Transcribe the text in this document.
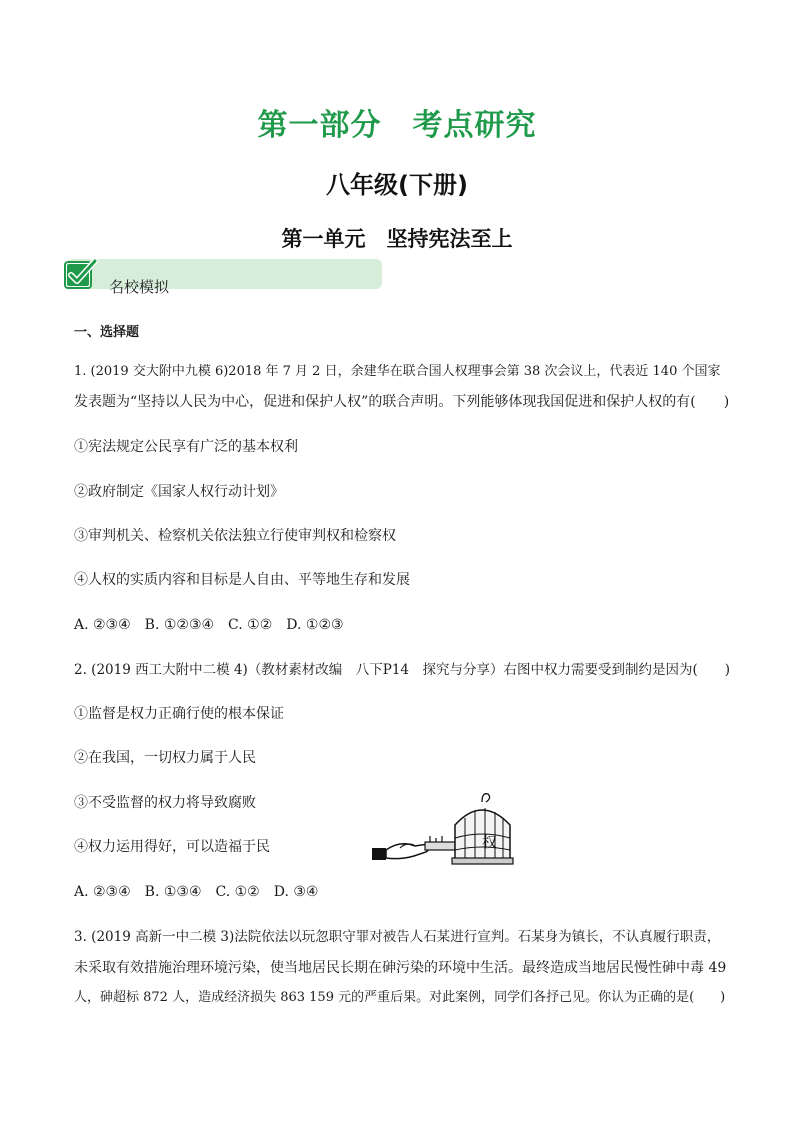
第一部分　考点研究
八年级(下册)
第一单元　坚持宪法至上
名校模拟
一、选择题
1. (2019 交大附中九模 6)2018 年 7 月 2 日，余建华在联合国人权理事会第 38 次会议上，代表近 140 个国家
发表题为“坚持以人民为中心，促进和保护人权”的联合声明。下列能够体现我国促进和保护人权的有(　　)
①宪法规定公民享有广泛的基本权利
②政府制定《国家人权行动计划》
③审判机关、检察机关依法独立行使审判权和检察权
④人权的实质内容和目标是人自由、平等地生存和发展
A. ②③④　B. ①②③④　C. ①②　D. ①②③
2. (2019 西工大附中二模 4)（教材素材改编　八下P14　探究与分享）右图中权力需要受到制约是因为(　　)
①监督是权力正确行使的根本保证
②在我国，一切权力属于人民
③不受监督的权力将导致腐败
④权力运用得好，可以造福于民
A. ②③④　B. ①③④　C. ①②　D. ③④
权
3. (2019 高新一中二模 3)法院依法以玩忽职守罪对被告人石某进行宣判。石某身为镇长，不认真履行职责，
未采取有效措施治理环境污染，使当地居民长期在砷污染的环境中生活。最终造成当地居民慢性砷中毒 49
人，砷超标 872 人，造成经济损失 863 159 元的严重后果。对此案例，同学们各抒己见。你认为正确的是(　　)
